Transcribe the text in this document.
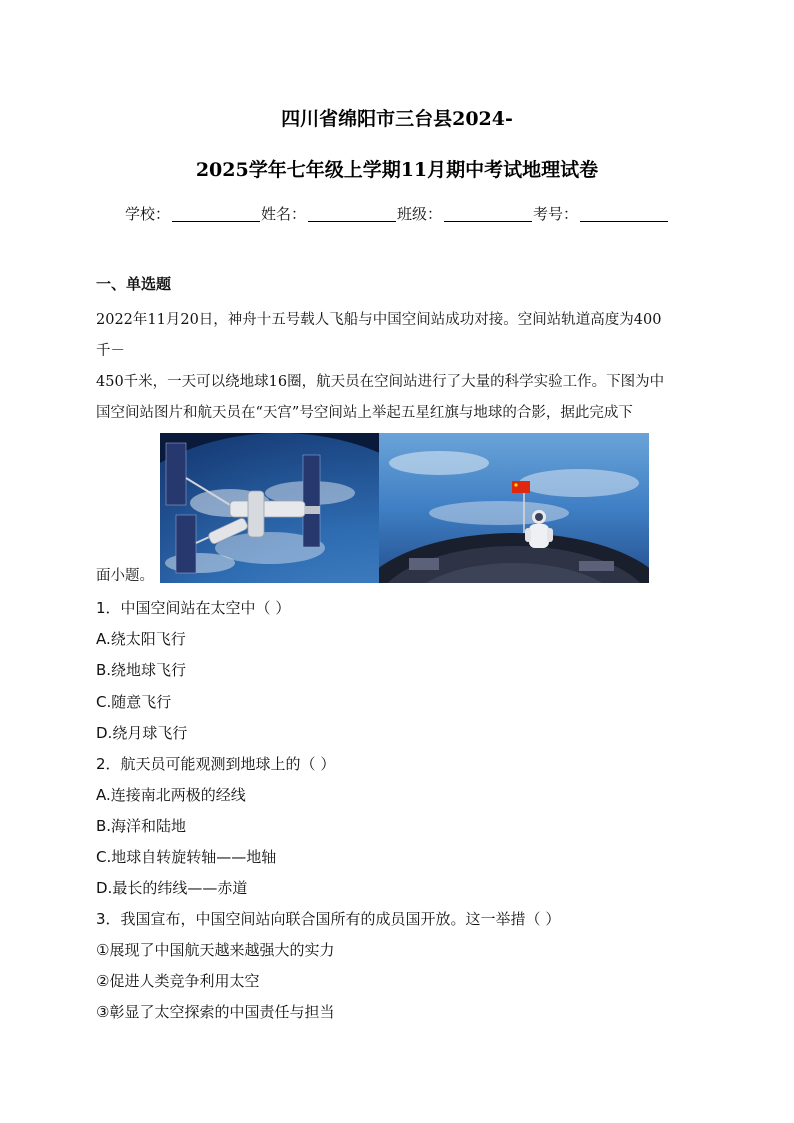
四川省绵阳市三台县2024-
2025学年七年级上学期11月期中考试地理试卷
学校：	姓名：	班级：	考号：
一、单选题
2022年11月20日，神舟十五号载人飞船与中国空间站成功对接。空间站轨道高度为400
千－
450千米，一天可以绕地球16圈，航天员在空间站进行了大量的科学实验工作。下图为中
国空间站图片和航天员在“天宫”号空间站上举起五星红旗与地球的合影，据此完成下
面小题。
1．中国空间站在太空中（ ）
A.绕太阳飞行
B.绕地球飞行
C.随意飞行
D.绕月球飞行
2．航天员可能观测到地球上的（ ）
A.连接南北两极的经线
B.海洋和陆地
C.地球自转旋转轴——地轴
D.最长的纬线——赤道
3．我国宣布，中国空间站向联合国所有的成员国开放。这一举措（ ）
①展现了中国航天越来越强大的实力
②促进人类竞争利用太空
③彰显了太空探索的中国责任与担当
